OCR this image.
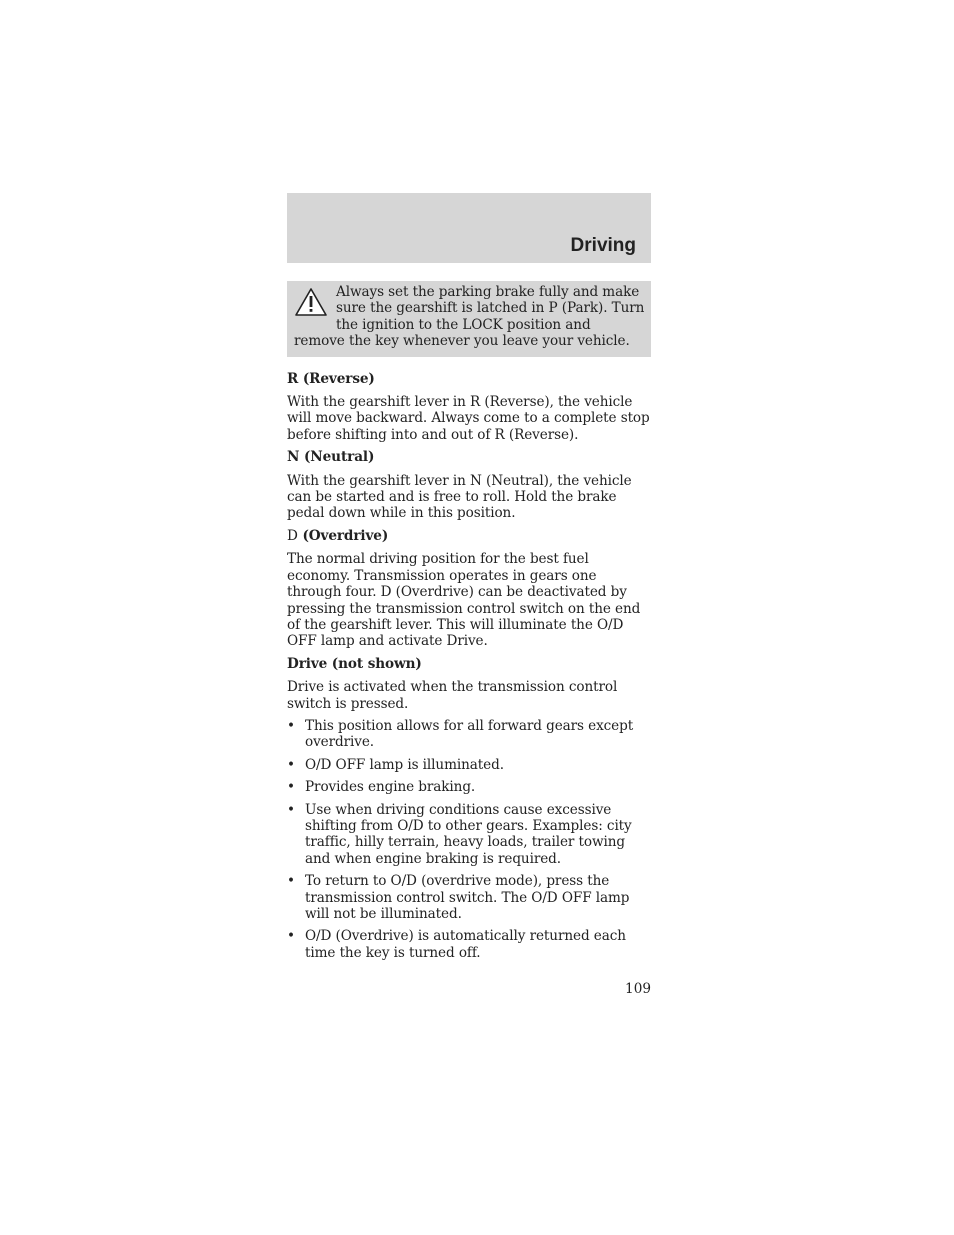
Driving

Always set the parking brake fully and make sure the gearshift is latched in P (Park). Turn the ignition to the LOCK position and remove the key whenever you leave your vehicle.

R (Reverse)

With the gearshift lever in R (Reverse), the vehicle will move backward. Always come to a complete stop before shifting into and out of R (Reverse).

N (Neutral)

With the gearshift lever in N (Neutral), the vehicle can be started and is free to roll. Hold the brake pedal down while in this position.

D (Overdrive)

The normal driving position for the best fuel economy. Transmission operates in gears one through four. D (Overdrive) can be deactivated by pressing the transmission control switch on the end of the gearshift lever. This will illuminate the O/D OFF lamp and activate Drive.

Drive (not shown)

Drive is activated when the transmission control switch is pressed.

• This position allows for all forward gears except overdrive.
• O/D OFF lamp is illuminated.
• Provides engine braking.
• Use when driving conditions cause excessive shifting from O/D to other gears. Examples: city traffic, hilly terrain, heavy loads, trailer towing and when engine braking is required.
• To return to O/D (overdrive mode), press the transmission control switch. The O/D OFF lamp will not be illuminated.
• O/D (Overdrive) is automatically returned each time the key is turned off.

109
